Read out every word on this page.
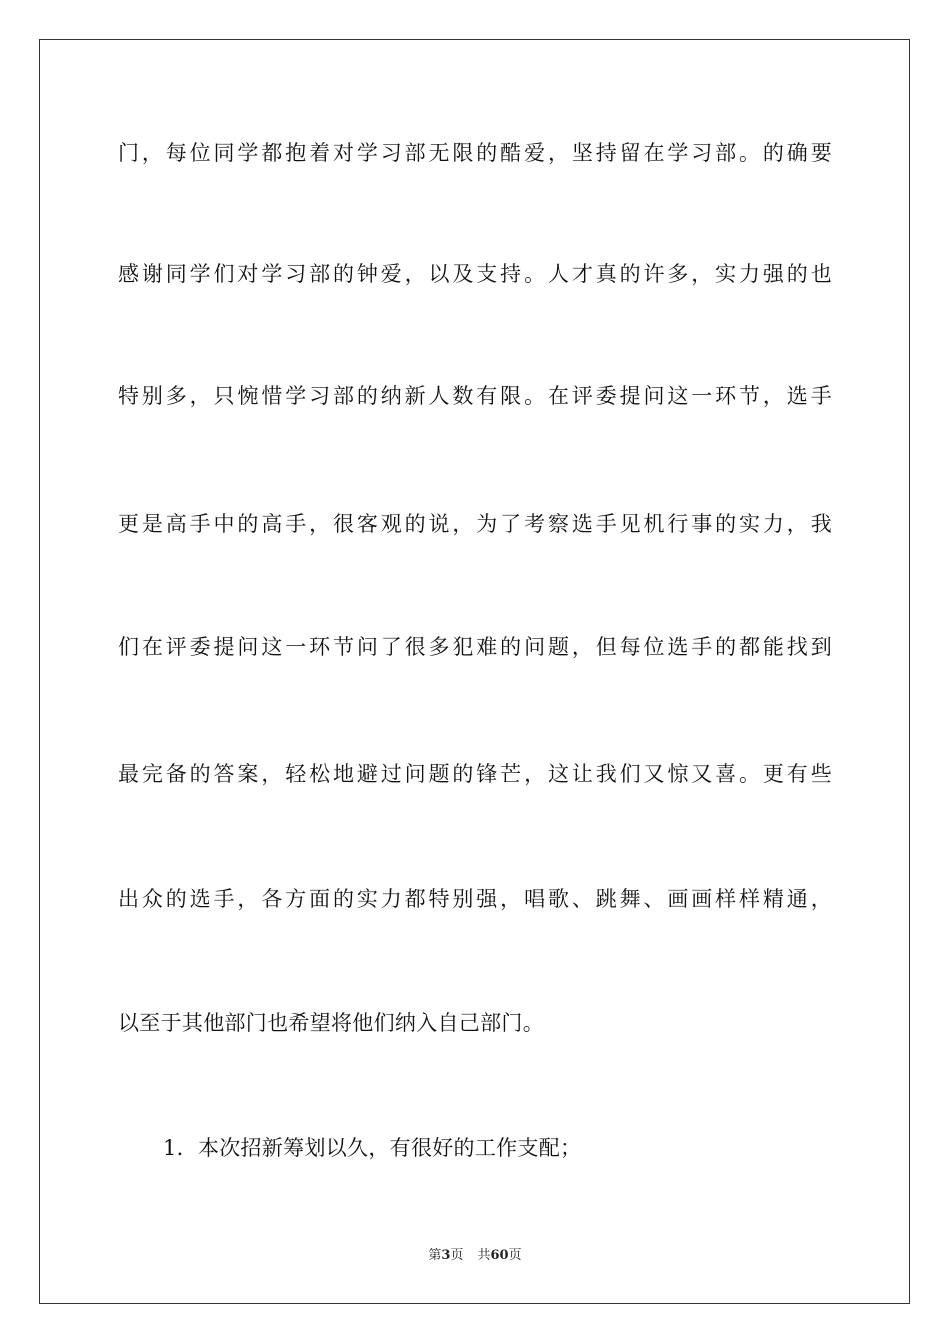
门，每位同学都抱着对学习部无限的酷爱，坚持留在学习部。的确要
感谢同学们对学习部的钟爱，以及支持。人才真的许多，实力强的也
特别多，只惋惜学习部的纳新人数有限。在评委提问这一环节，选手
更是高手中的高手，很客观的说，为了考察选手见机行事的实力，我
们在评委提问这一环节问了很多犯难的问题，但每位选手的都能找到
最完备的答案，轻松地避过问题的锋芒，这让我们又惊又喜。更有些
出众的选手，各方面的实力都特别强，唱歌、跳舞、画画样样精通，
以至于其他部门也希望将他们纳入自己部门。
1．本次招新筹划以久，有很好的工作支配；
第3页 共60页
